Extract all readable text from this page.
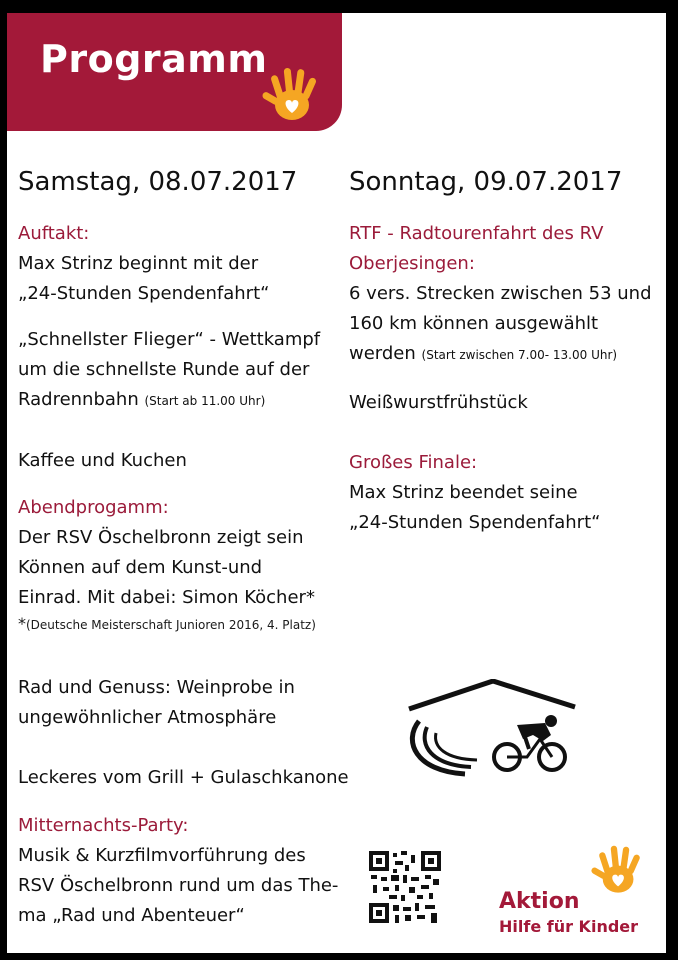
Programm
Samstag, 08.07.2017
Auftakt:
Max Strinz beginnt mit der
„24-Stunden Spendenfahrt“
„Schnellster Flieger“ - Wettkampf
um die schnellste Runde auf der
Radrennbahn (Start ab 11.00 Uhr)
Kaffee und Kuchen
Abendprogamm:
Der RSV Öschelbronn zeigt sein
Können auf dem Kunst-und
Einrad. Mit dabei: Simon Köcher*
*(Deutsche Meisterschaft Junioren 2016, 4. Platz)
Rad und Genuss: Weinprobe in
ungewöhnlicher Atmosphäre
Leckeres vom Grill + Gulaschkanone
Mitternachts-Party:
Musik & Kurzfilmvorführung des
RSV Öschelbronn rund um das The-
ma „Rad und Abenteuer“
Sonntag, 09.07.2017
RTF - Radtourenfahrt des RV
Oberjesingen:
6 vers. Strecken zwischen 53 und
160 km können ausgewählt
werden (Start zwischen 7.00- 13.00 Uhr)
Weißwurstfrühstück
Großes Finale:
Max Strinz beendet seine
„24-Stunden Spendenfahrt“
Aktion
Hilfe für Kinder
